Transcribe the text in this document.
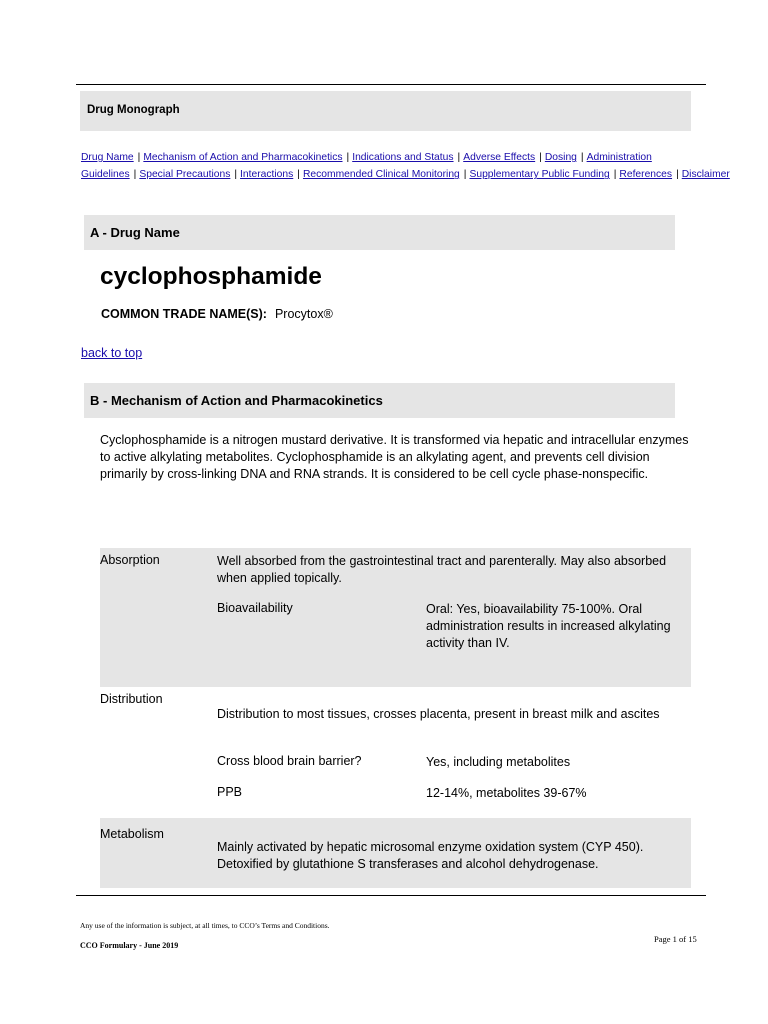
Drug Monograph
Drug Name | Mechanism of Action and Pharmacokinetics | Indications and Status | Adverse Effects | Dosing | Administration Guidelines | Special Precautions | Interactions | Recommended Clinical Monitoring | Supplementary Public Funding | References | Disclaimer
A - Drug Name
cyclophosphamide
COMMON TRADE NAME(S): Procytox®
back to top
B - Mechanism of Action and Pharmacokinetics

Cyclophosphamide is a nitrogen mustard derivative. It is transformed via hepatic and intracellular enzymes to active alkylating metabolites. Cyclophosphamide is an alkylating agent, and prevents cell division primarily by cross-linking DNA and RNA strands. It is considered to be cell cycle phase-nonspecific.

Absorption	Well absorbed from the gastrointestinal tract and parenterally. May also absorbed when applied topically.
Bioavailability	Oral: Yes, bioavailability 75-100%. Oral administration results in increased alkylating activity than IV.
Distribution
Distribution to most tissues, crosses placenta, present in breast milk and ascites
Cross blood brain barrier?	Yes, including metabolites
PPB	12-14%, metabolites 39-67%
Metabolism
Mainly activated by hepatic microsomal enzyme oxidation system (CYP 450). Detoxified by glutathione S transferases and alcohol dehydrogenase.
Any use of the information is subject, at all times, to CCO’s Terms and Conditions.
CCO Formulary - June 2019
Page 1 of 15
